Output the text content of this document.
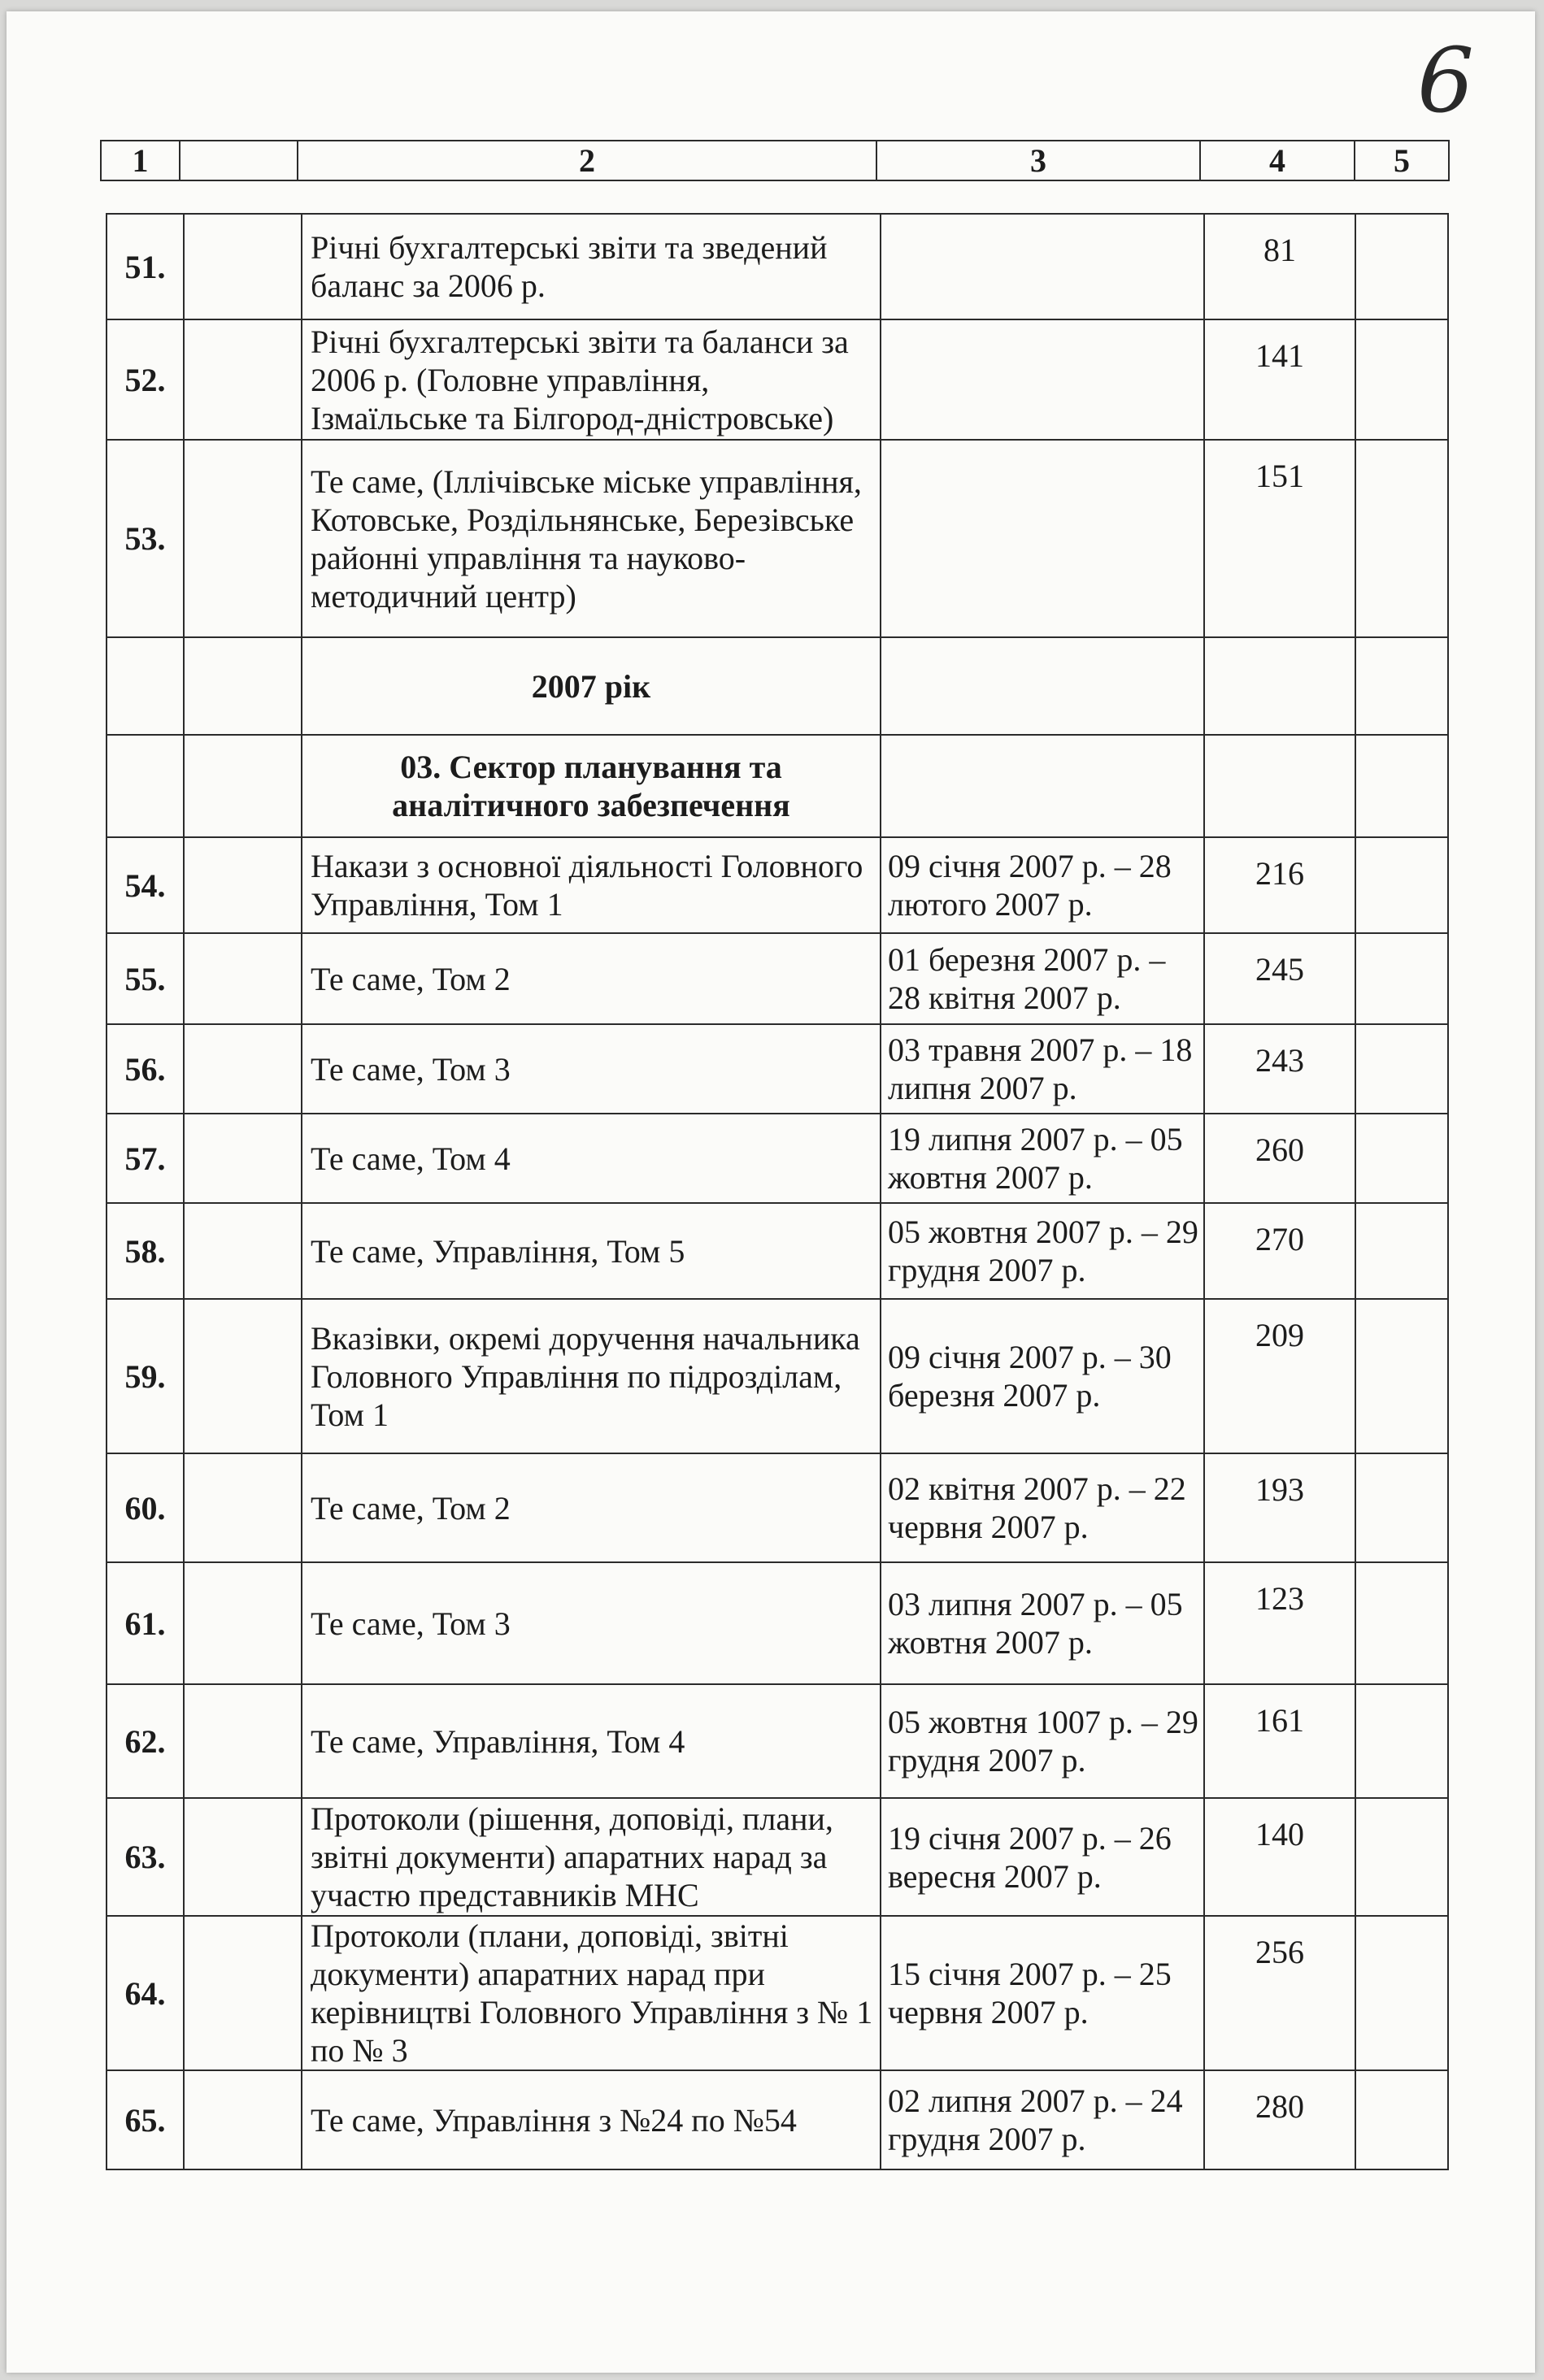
6
1		2	3	4	5
51.		Річні бухгалтерські звіти та зведений баланс за 2006 р.		81	
52.		Річні бухгалтерські звіти та баланси за 2006 р. (Головне управління, Ізмаїльське та Білгород-дністровське)		141	
53.		Те саме, (Іллічівське міське управління, Котовське, Роздільнянське, Березівське районні управління та науково-методичний центр)		151	
		2007 рік			
		03. Сектор планування та аналітичного забезпечення			
54.		Накази з основної діяльності Головного Управління, Том 1	09 січня 2007 р. – 28 лютого 2007 р.	216	
55.		Те саме, Том 2	01 березня 2007 р. – 28 квітня 2007 р.	245	
56.		Те саме, Том 3	03 травня 2007 р. – 18 липня 2007 р.	243	
57.		Те саме, Том 4	19 липня 2007 р. – 05 жовтня 2007 р.	260	
58.		Те саме, Управління, Том 5	05 жовтня 2007 р. – 29 грудня 2007 р.	270	
59.		Вказівки, окремі доручення начальника Головного Управління по підрозділам, Том 1	09 січня 2007 р. – 30 березня 2007 р.	209	
60.		Те саме, Том 2	02 квітня 2007 р. – 22 червня 2007 р.	193	
61.		Те саме, Том 3	03 липня 2007 р. – 05 жовтня 2007 р.	123	
62.		Те саме, Управління, Том 4	05 жовтня 1007 р. – 29 грудня 2007 р.	161	
63.		Протоколи (рішення, доповіді, плани, звітні документи) апаратних нарад за участю представників МНС	19 січня 2007 р. – 26 вересня 2007 р.	140	
64.		Протоколи (плани, доповіді, звітні документи) апаратних нарад при керівництві Головного Управління з № 1 по № 3	15 січня 2007 р. – 25 червня 2007 р.	256	
65.		Те саме, Управління з №24 по №54	02 липня 2007 р. – 24 грудня 2007 р.	280	
